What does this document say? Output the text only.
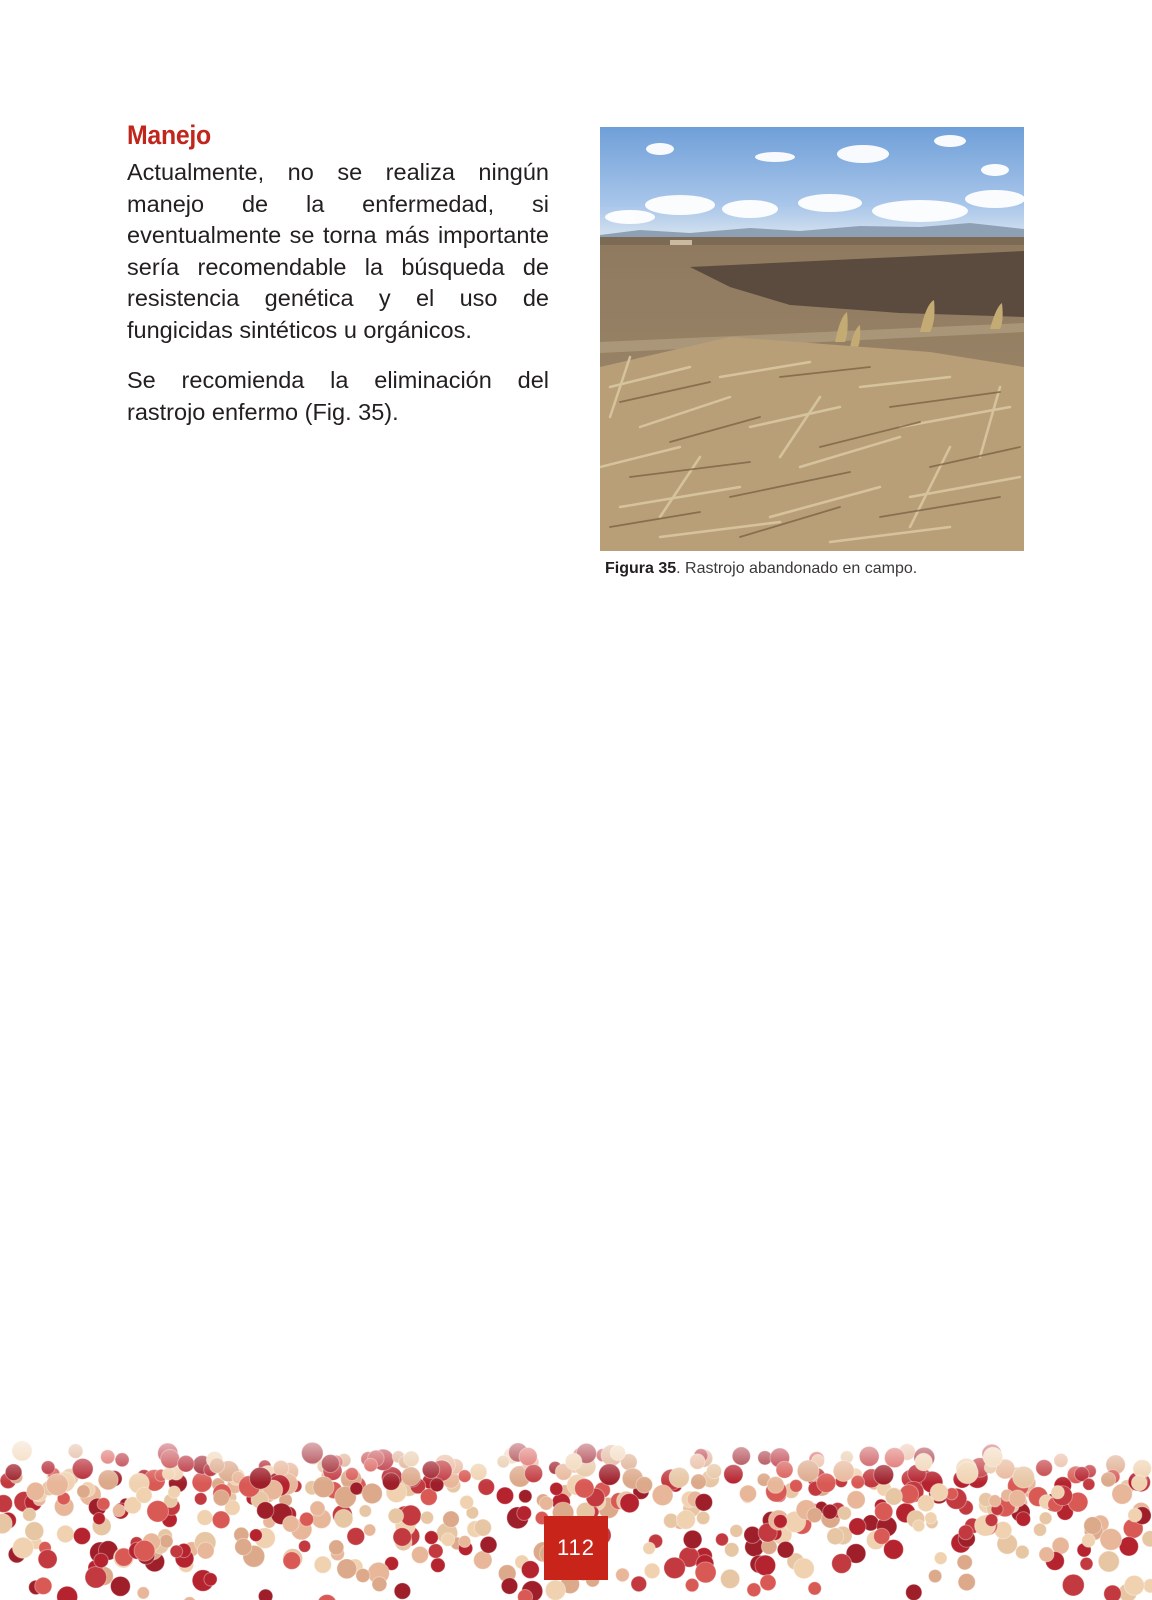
Manejo

Actualmente, no se realiza ningún manejo de la enfermedad, si eventualmente se torna más importante sería recomendable la búsqueda de resistencia genética y el uso de fungicidas sintéticos u orgánicos.

Se recomienda la eliminación del rastrojo enfermo (Fig. 35).

Figura 35. Rastrojo abandonado en campo.
112
